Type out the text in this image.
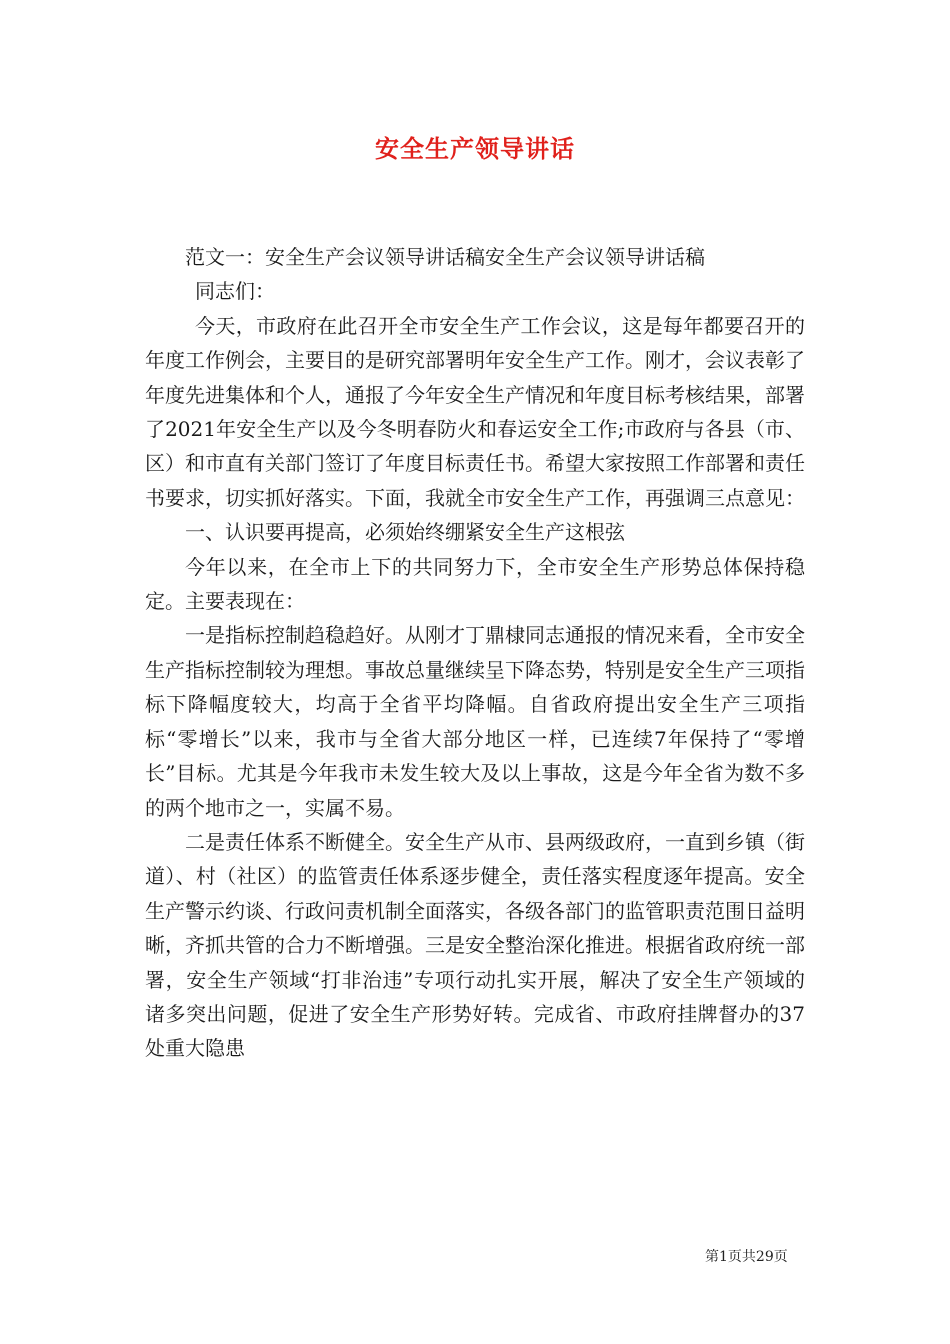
安全生产领导讲话

范文一：安全生产会议领导讲话稿安全生产会议领导讲话稿

同志们：

今天，市政府在此召开全市安全生产工作会议，这是每年都要召开的年度工作例会，主要目的是研究部署明年安全生产工作。刚才，会议表彰了年度先进集体和个人，通报了今年安全生产情况和年度目标考核结果，部署了2021年安全生产以及今冬明春防火和春运安全工作;市政府与各县（市、区）和市直有关部门签订了年度目标责任书。希望大家按照工作部署和责任书要求，切实抓好落实。下面，我就全市安全生产工作，再强调三点意见：

一、认识要再提高，必须始终绷紧安全生产这根弦

今年以来，在全市上下的共同努力下，全市安全生产形势总体保持稳定。主要表现在：

一是指标控制趋稳趋好。从刚才丁鼎棣同志通报的情况来看，全市安全生产指标控制较为理想。事故总量继续呈下降态势，特别是安全生产三项指标下降幅度较大，均高于全省平均降幅。自省政府提出安全生产三项指标“零增长”以来，我市与全省大部分地区一样，已连续7年保持了“零增长”目标。尤其是今年我市未发生较大及以上事故，这是今年全省为数不多的两个地市之一，实属不易。

二是责任体系不断健全。安全生产从市、县两级政府，一直到乡镇（街道）、村（社区）的监管责任体系逐步健全，责任落实程度逐年提高。安全生产警示约谈、行政问责机制全面落实，各级各部门的监管职责范围日益明晰，齐抓共管的合力不断增强。三是安全整治深化推进。根据省政府统一部署，安全生产领域“打非治违”专项行动扎实开展，解决了安全生产领域的诸多突出问题，促进了安全生产形势好转。完成省、市政府挂牌督办的37处重大隐患

第1页共29页
